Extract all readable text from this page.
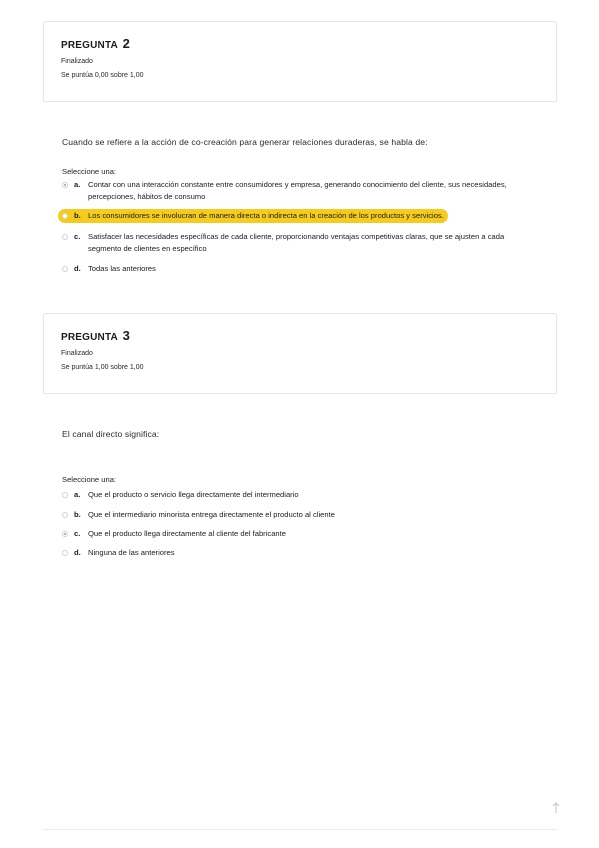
PREGUNTA 2

Finalizado
Se puntúa 0,00 sobre 1,00
Cuando se refiere a la acción de co-creación para generar relaciones duraderas, se habla de:
Seleccione una:
a.	Contar con una interacción constante entre consumidores y empresa, generando conocimiento del cliente, sus necesidades, percepciones, hábitos de consumo
b. Los consumidores se involucran de manera directa o indirecta en la creación de los productos y servicios.
c.	Satisfacer las necesidades específicas de cada cliente, proporcionando ventajas competitivas claras, que se ajusten a cada segmento de clientes en específico
d. Todas las anteriores

PREGUNTA 3

Finalizado
Se puntúa 1,00 sobre 1,00
El canal directo significa:
Seleccione una:
a.	Que el producto o servicio llega directamente del intermediario
b. Que el intermediario minorista entrega directamente el producto al cliente
c.	Que el producto llega directamente al cliente del fabricante
d. Ninguna de las anteriores
